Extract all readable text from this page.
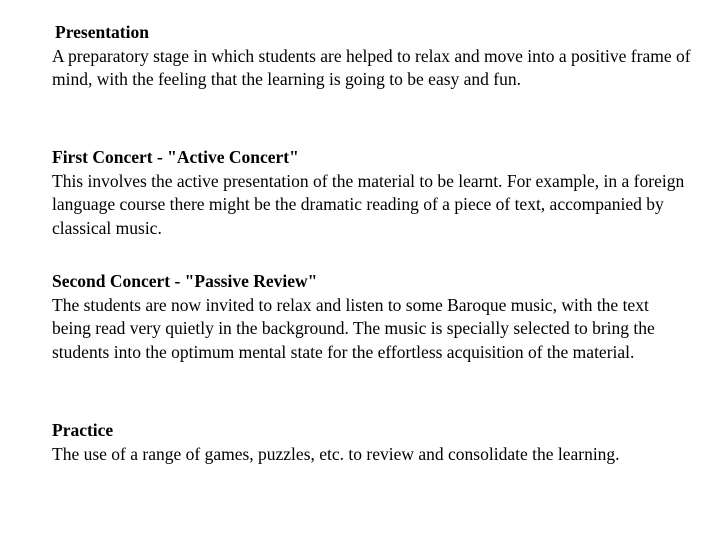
Presentation
A preparatory stage in which students are helped to relax and move into a positive frame of mind, with the feeling that the learning is going to be easy and fun.
First Concert - "Active Concert"
This involves the active presentation of the material to be learnt. For example, in a foreign language course there might be the dramatic reading of a piece of text, accompanied by classical music.
Second Concert - "Passive Review"
The students are now invited to relax and listen to some Baroque music, with the text being read very quietly in the background. The music is specially selected to bring the students into the optimum mental state for the effortless acquisition of the material.
Practice
The use of a range of games, puzzles, etc. to review and consolidate the learning.
